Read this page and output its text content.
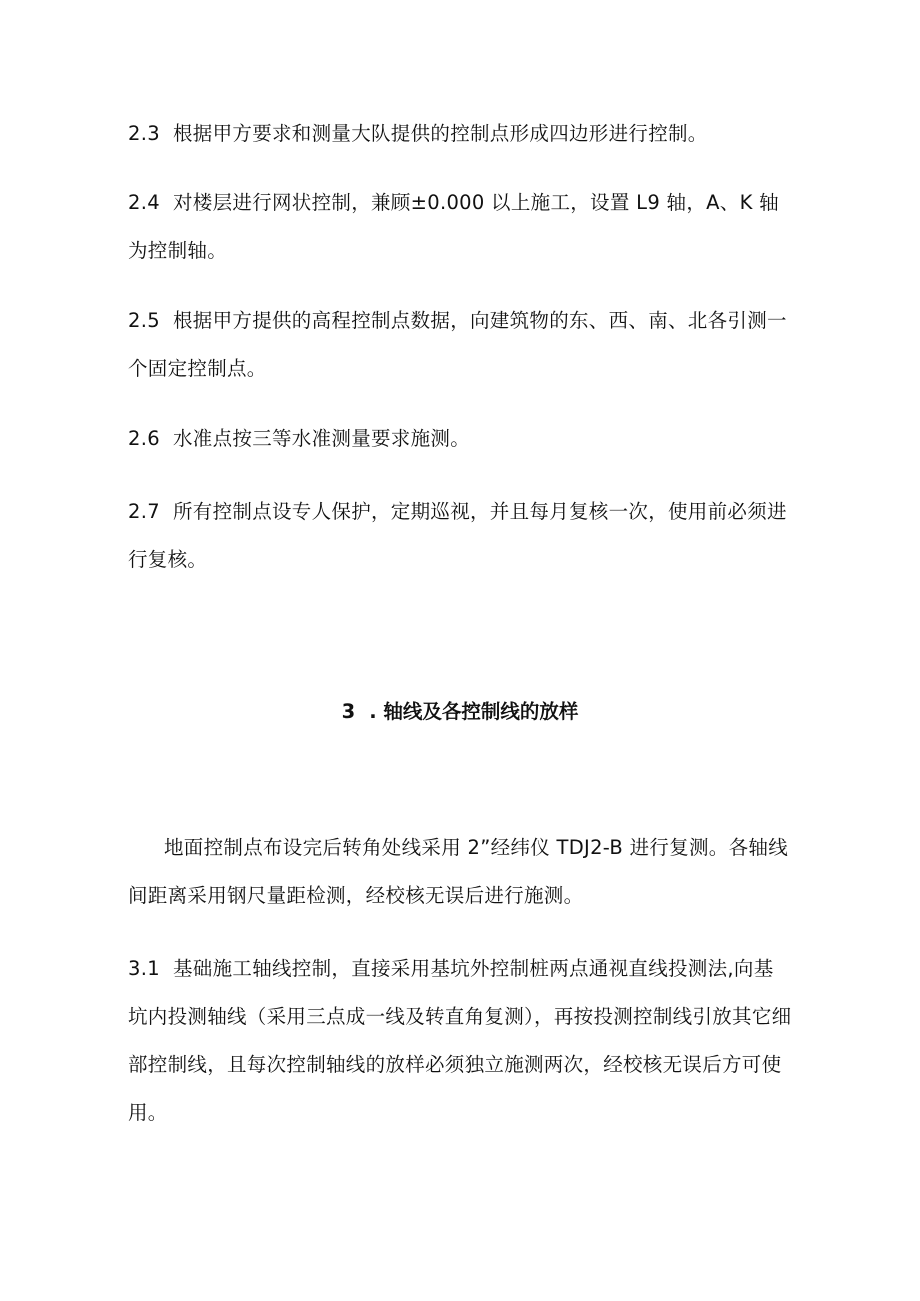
2.3 根据甲方要求和测量大队提供的控制点形成四边形进行控制。

2.4 对楼层进行网状控制，兼顾±0.000 以上施工，设置 L9 轴，A、K 轴为控制轴。

2.5 根据甲方提供的高程控制点数据，向建筑物的东、西、南、北各引测一个固定控制点。

2.6 水准点按三等水准测量要求施测。

2.7 所有控制点设专人保护，定期巡视，并且每月复核一次，使用前必须进行复核。

3 . 轴线及各控制线的放样

地面控制点布设完后转角处线采用 2”经纬仪 TDJ2-B 进行复测。各轴线间距离采用钢尺量距检测，经校核无误后进行施测。

3.1 基础施工轴线控制，直接采用基坑外控制桩两点通视直线投测法,向基坑内投测轴线（采用三点成一线及转直角复测），再按投测控制线引放其它细部控制线，且每次控制轴线的放样必须独立施测两次，经校核无误后方可使用。
